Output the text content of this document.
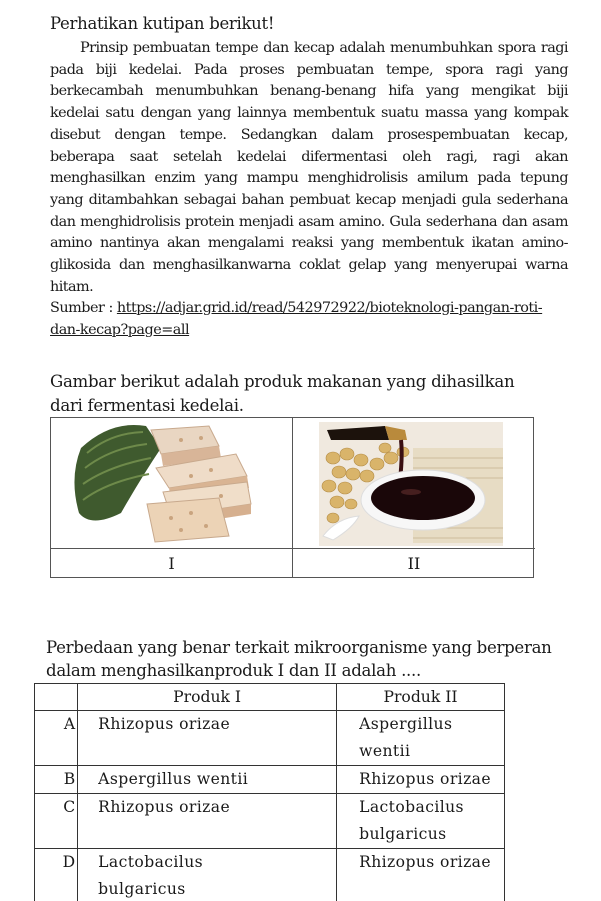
Perhatikan kutipan berikut!

Prinsip pembuatan tempe dan kecap adalah menumbuhkan spora ragi pada biji kedelai. Pada proses pembuatan tempe, spora ragi yang berkecambah menumbuhkan benang-benang hifa yang mengikat biji kedelai satu dengan yang lainnya membentuk suatu massa yang kompak disebut dengan tempe. Sedangkan dalam prosespembuatan kecap, beberapa saat setelah kedelai difermentasi oleh ragi, ragi akan menghasilkan enzim yang mampu menghidrolisis amilum pada tepung yang ditambahkan sebagai bahan pembuat kecap menjadi gula sederhana dan menghidrolisis protein menjadi asam amino. Gula sederhana dan asam amino nantinya akan mengalami reaksi yang membentuk ikatan amino-glikosida dan menghasilkanwarna coklat gelap yang menyerupai warna hitam.

Sumber : https://adjar.grid.id/read/542972922/bioteknologi-pangan-roti-dan-kecap?page=all
Gambar berikut adalah produk makanan yang dihasilkan dari fermentasi kedelai.
I	II
Perbedaan yang benar terkait mikroorganisme yang berperan dalam menghasilkanproduk I dan II adalah ....
	Produk I	Produk II
A	Rhizopus orizae	Aspergillus wentii
B	Aspergillus wentii	Rhizopus orizae
C	Rhizopus orizae	Lactobacilus bulgaricus
D	Lactobacilus bulgaricus	Rhizopus orizae
